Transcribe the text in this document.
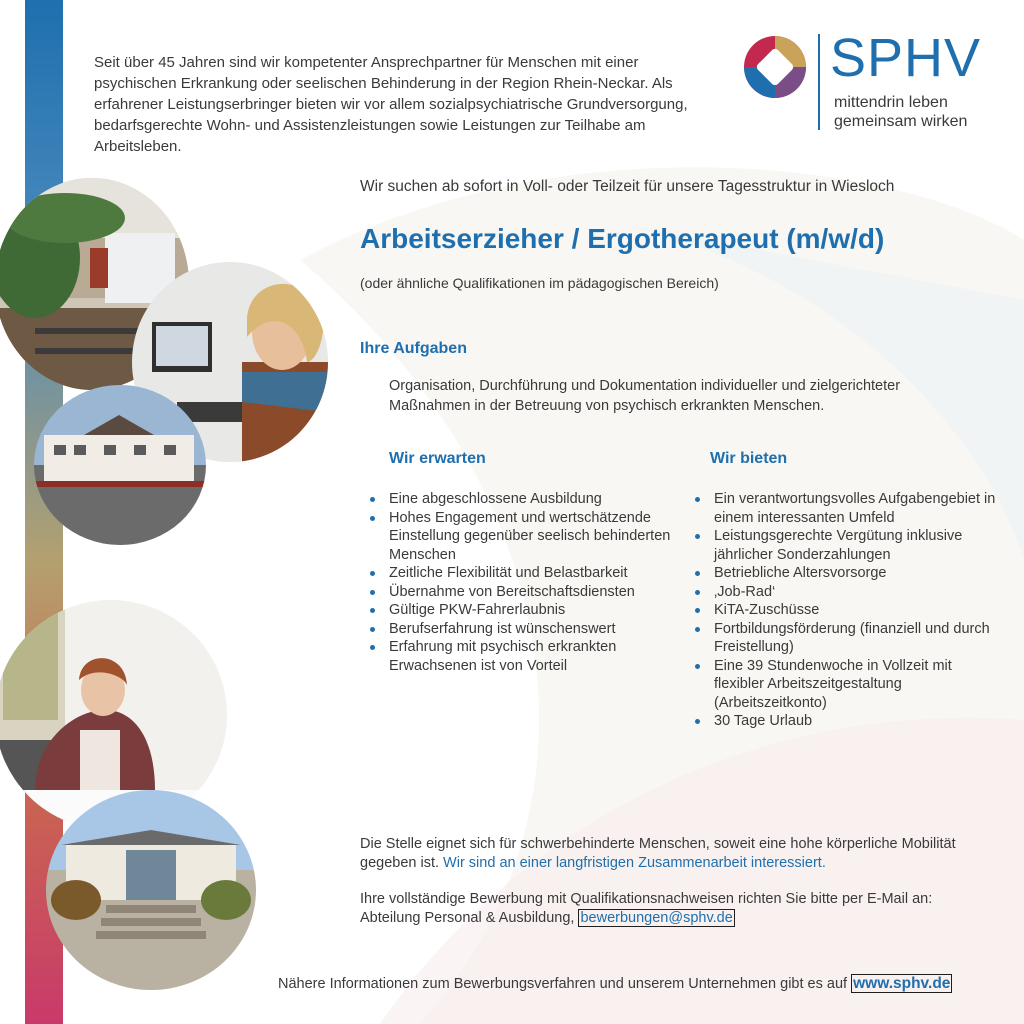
Seit über 45 Jahren sind wir kompetenter Ansprechpartner für Menschen mit einer psychischen Erkrankung oder seelischen Behinderung in der Region Rhein-Neckar. Als erfahrener Leistungserbringer bieten wir vor allem sozialpsychiatrische Grundversorgung, bedarfsgerechte Wohn- und Assistenzleistungen sowie Leistungen zur Teilhabe am Arbeitsleben.

SPHV
mittendrin leben
gemeinsam wirken
Wir suchen ab sofort in Voll- oder Teilzeit für unsere Tagesstruktur in Wiesloch
Arbeitserzieher / Ergotherapeut (m/w/d)
(oder ähnliche Qualifikationen im pädagogischen Bereich)
Ihre Aufgaben
Organisation, Durchführung und Dokumentation individueller und zielgerichteter Maßnahmen in der Betreuung von psychisch erkrankten Menschen.
Wir erwarten	Wir bieten
Eine abgeschlossene Ausbildung
Hohes Engagement und wertschätzende Einstellung gegenüber seelisch behinderten Menschen
Zeitliche Flexibilität und Belastbarkeit
Übernahme von Bereitschaftsdiensten
Gültige PKW-Fahrerlaubnis
Berufserfahrung ist wünschenswert
Erfahrung mit psychisch erkrankten Erwachsenen ist von Vorteil
Ein verantwortungsvolles Aufgabengebiet in einem interessanten Umfeld
Leistungsgerechte Vergütung inklusive jährlicher Sonderzahlungen
Betriebliche Altersvorsorge
‚Job-Rad‘
KiTA-Zuschüsse
Fortbildungsförderung (finanziell und durch Freistellung)
Eine 39 Stundenwoche in Vollzeit mit flexibler Arbeitszeitgestaltung (Arbeitszeitkonto)
30 Tage Urlaub
Die Stelle eignet sich für schwerbehinderte Menschen, soweit eine hohe körperliche Mobilität gegeben ist. Wir sind an einer langfristigen Zusammenarbeit interessiert.
Ihre vollständige Bewerbung mit Qualifikationsnachweisen richten Sie bitte per E-Mail an: Abteilung Personal & Ausbildung, bewerbungen@sphv.de
Nähere Informationen zum Bewerbungsverfahren und unserem Unternehmen gibt es auf www.sphv.de
